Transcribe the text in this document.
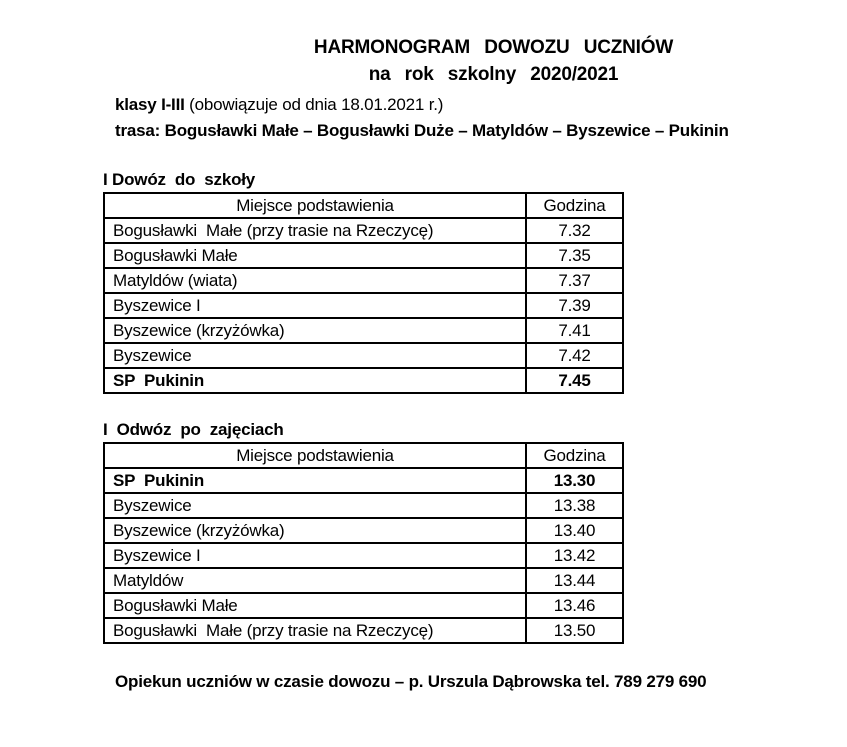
HARMONOGRAM  DOWOZU  UCZNIÓW
na  rok  szkolny  2020/2021

klasy I-III (obowiązuje od dnia 18.01.2021 r.)

trasa: Bogusławki Małe – Bogusławki Duże – Matyldów – Byszewice – Pukinin

I Dowóz  do  szkoły
Miejsce podstawienia	Godzina
Bogusławki  Małe (przy trasie na Rzeczycę)	7.32
Bogusławki Małe	7.35
Matyldów (wiata)	7.37
Byszewice I	7.39
Byszewice (krzyżówka)	7.41
Byszewice	7.42
SP  Pukinin	7.45
I  Odwóz  po  zajęciach
Miejsce podstawienia	Godzina
SP  Pukinin	13.30
Byszewice	13.38
Byszewice (krzyżówka)	13.40
Byszewice I	13.42
Matyldów	13.44
Bogusławki Małe	13.46
Bogusławki  Małe (przy trasie na Rzeczycę)	13.50

Opiekun uczniów w czasie dowozu – p. Urszula Dąbrowska tel. 789 279 690
